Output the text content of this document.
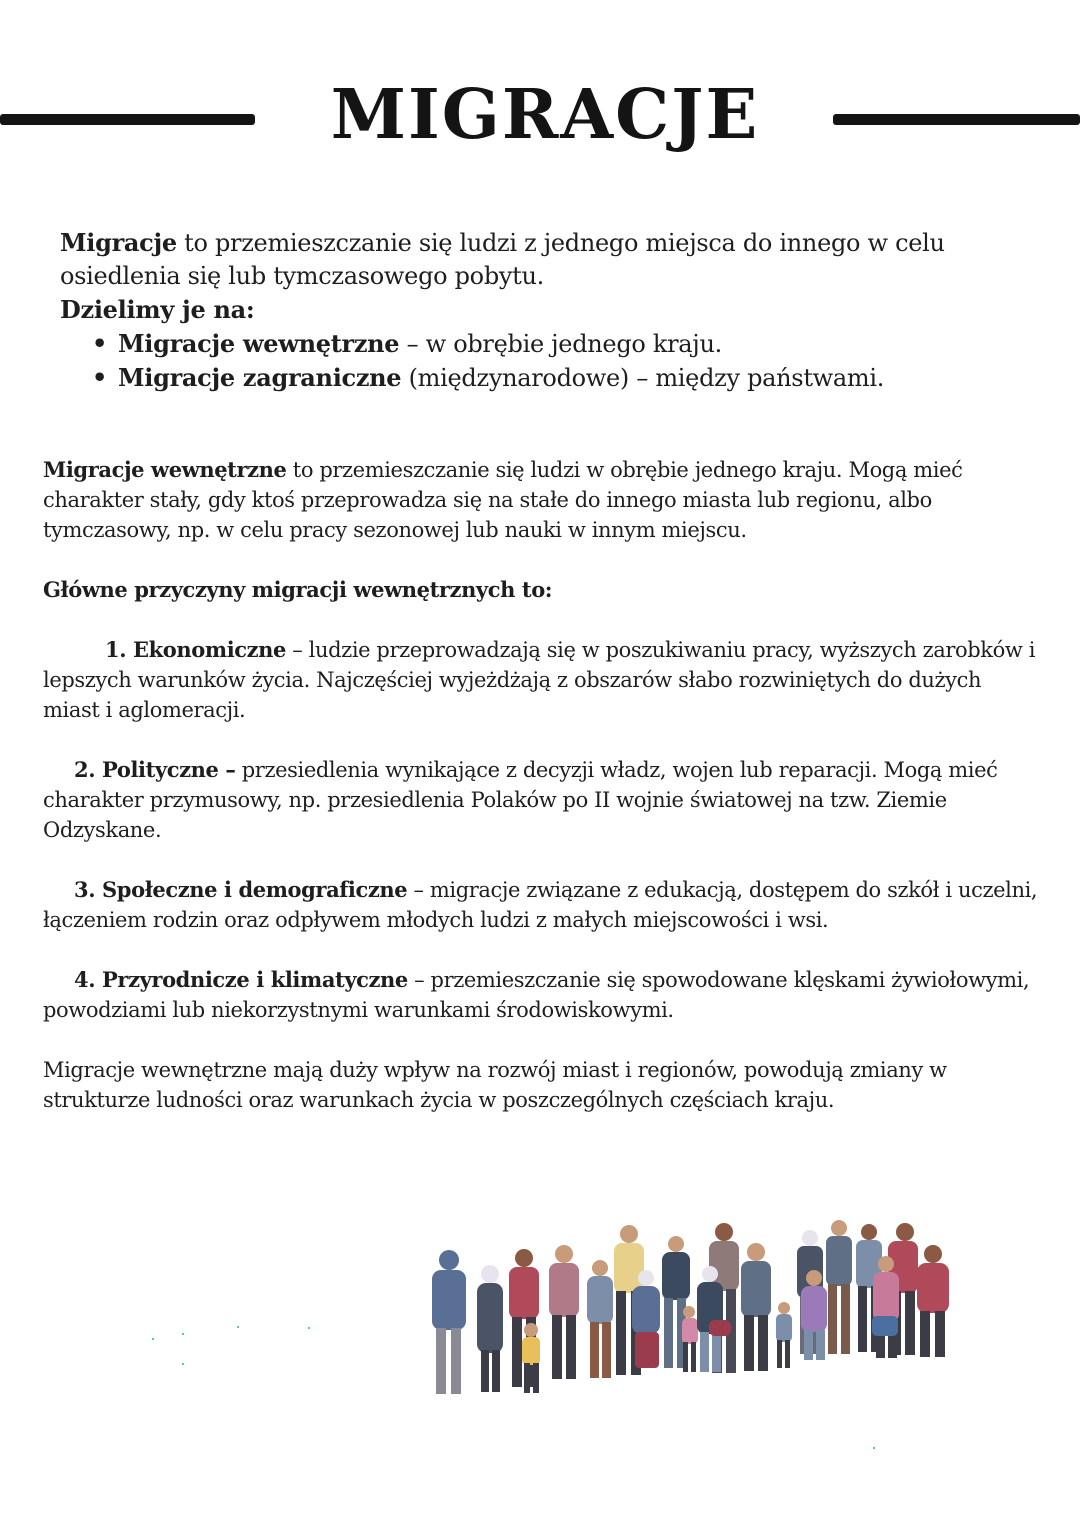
MIGRACJE

Migracje to przemieszczanie się ludzi z jednego miejsca do innego w celu osiedlenia się lub tymczasowego pobytu.

Dzielimy je na:

• Migracje wewnętrzne – w obrębie jednego kraju.
• Migracje zagraniczne (międzynarodowe) – między państwami.

Migracje wewnętrzne to przemieszczanie się ludzi w obrębie jednego kraju. Mogą mieć charakter stały, gdy ktoś przeprowadza się na stałe do innego miasta lub regionu, albo tymczasowy, np. w celu pracy sezonowej lub nauki w innym miejscu.

Główne przyczyny migracji wewnętrznych to:

1. Ekonomiczne – ludzie przeprowadzają się w poszukiwaniu pracy, wyższych zarobków i lepszych warunków życia. Najczęściej wyjeżdżają z obszarów słabo rozwiniętych do dużych miast i aglomeracji.

2. Polityczne – przesiedlenia wynikające z decyzji władz, wojen lub reparacji. Mogą mieć charakter przymusowy, np. przesiedlenia Polaków po II wojnie światowej na tzw. Ziemie Odzyskane.

3. Społeczne i demograficzne – migracje związane z edukacją, dostępem do szkół i uczelni, łączeniem rodzin oraz odpływem młodych ludzi z małych miejscowości i wsi.

4. Przyrodnicze i klimatyczne – przemieszczanie się spowodowane klęskami żywiołowymi, powodziami lub niekorzystnymi warunkami środowiskowymi.

Migracje wewnętrzne mają duży wpływ na rozwój miast i regionów, powodują zmiany w strukturze ludności oraz warunkach życia w poszczególnych częściach kraju.
